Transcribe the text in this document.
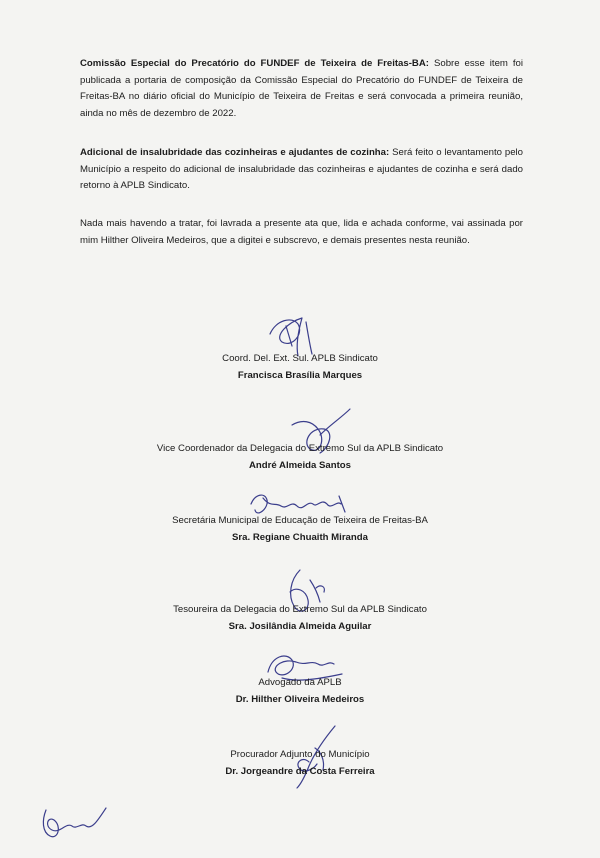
Comissão Especial do Precatório do FUNDEF de Teixeira de Freitas-BA: Sobre esse item foi publicada a portaria de composição da Comissão Especial do Precatório do FUNDEF de Teixeira de Freitas-BA no diário oficial do Município de Teixeira de Freitas e será convocada a primeira reunião, ainda no mês de dezembro de 2022.

Adicional de insalubridade das cozinheiras e ajudantes de cozinha: Será feito o levantamento pelo Município a respeito do adicional de insalubridade das cozinheiras e ajudantes de cozinha e será dado retorno à APLB Sindicato.

Nada mais havendo a tratar, foi lavrada a presente ata que, lida e achada conforme, vai assinada por mim Hilther Oliveira Medeiros, que a digitei e subscrevo, e demais presentes nesta reunião.

Coord. Del. Ext. Sul. APLB Sindicato
Francisca Brasília Marques
Vice Coordenador da Delegacia do Extremo Sul da APLB Sindicato
André Almeida Santos
Secretária Municipal de Educação de Teixeira de Freitas-BA
Sra. Regiane Chuaith Miranda
Tesoureira da Delegacia do Extremo Sul da APLB Sindicato
Sra. Josilândia Almeida Aguilar
Advogado da APLB
Dr. Hilther Oliveira Medeiros
Procurador Adjunto do Município
Dr. Jorgeandre da Costa Ferreira
